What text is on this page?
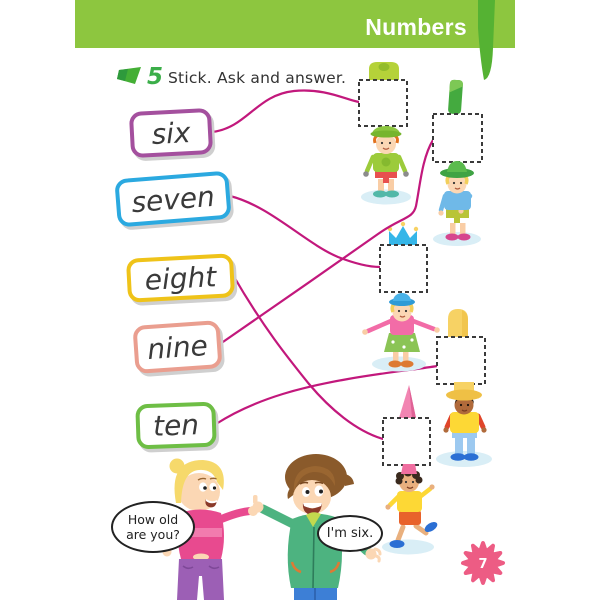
Numbers
5 Stick. Ask and answer.
six
seven
eight
nine
ten
7
How old
are you?	I'm six.
